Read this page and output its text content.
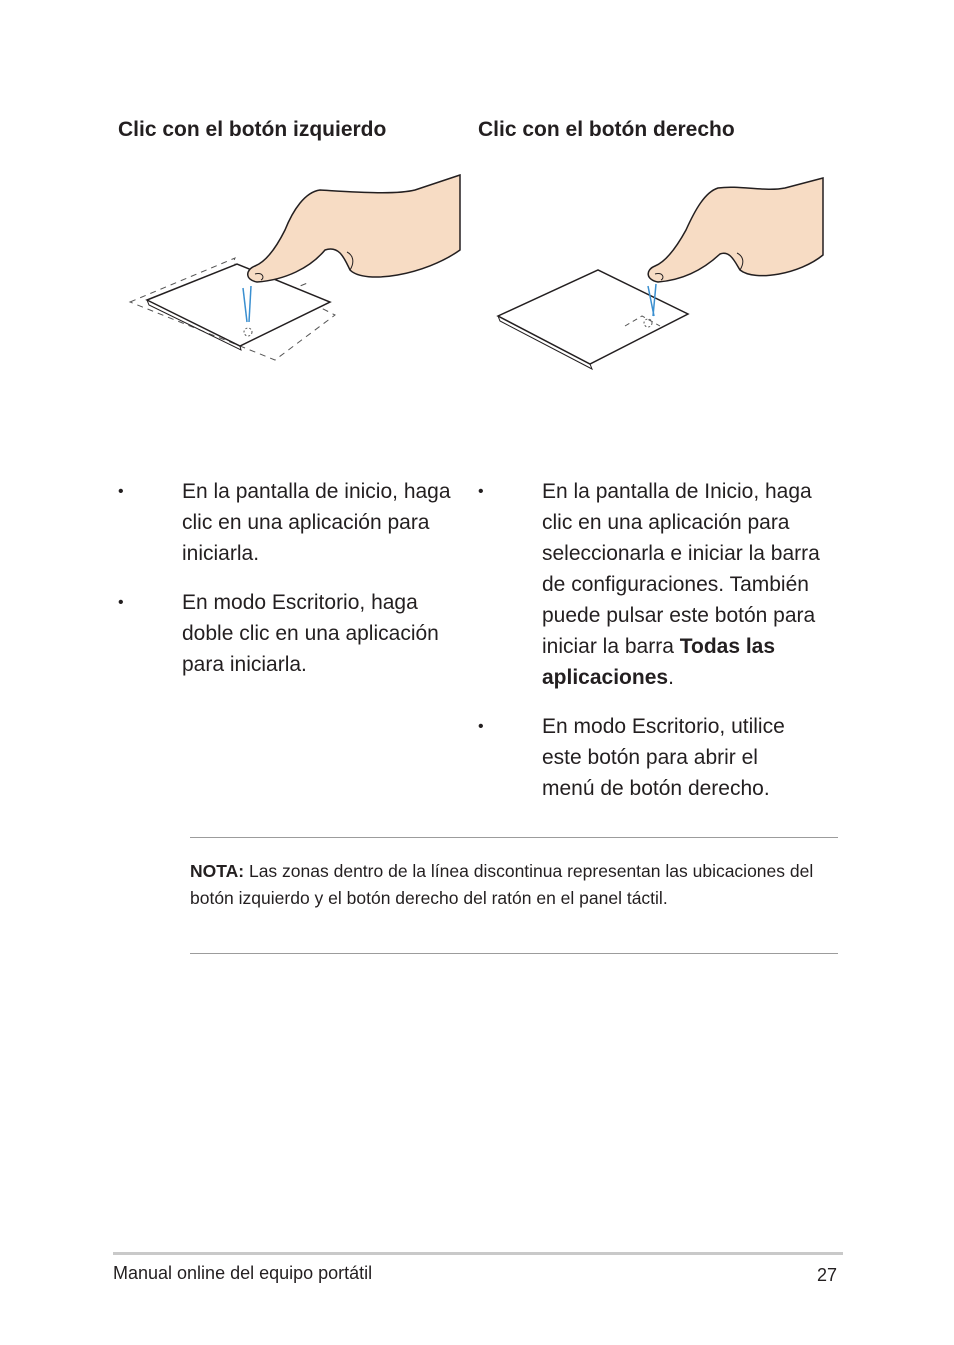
Clic con el botón izquierdo	Clic con el botón derecho
•	En la pantalla de inicio, haga clic en una aplicación para iniciarla.
•	En modo Escritorio, haga doble clic en una aplicación para iniciarla.
•	En la pantalla de Inicio, haga clic en una aplicación para seleccionarla e iniciar la barra de configuraciones. También puede pulsar este botón para iniciar la barra Todas las aplicaciones.
•	En modo Escritorio, utilice este botón para abrir el menú de botón derecho.
NOTA: Las zonas dentro de la línea discontinua representan las ubicaciones del botón izquierdo y el botón derecho del ratón en el panel táctil.
Manual online del equipo portátil	27
